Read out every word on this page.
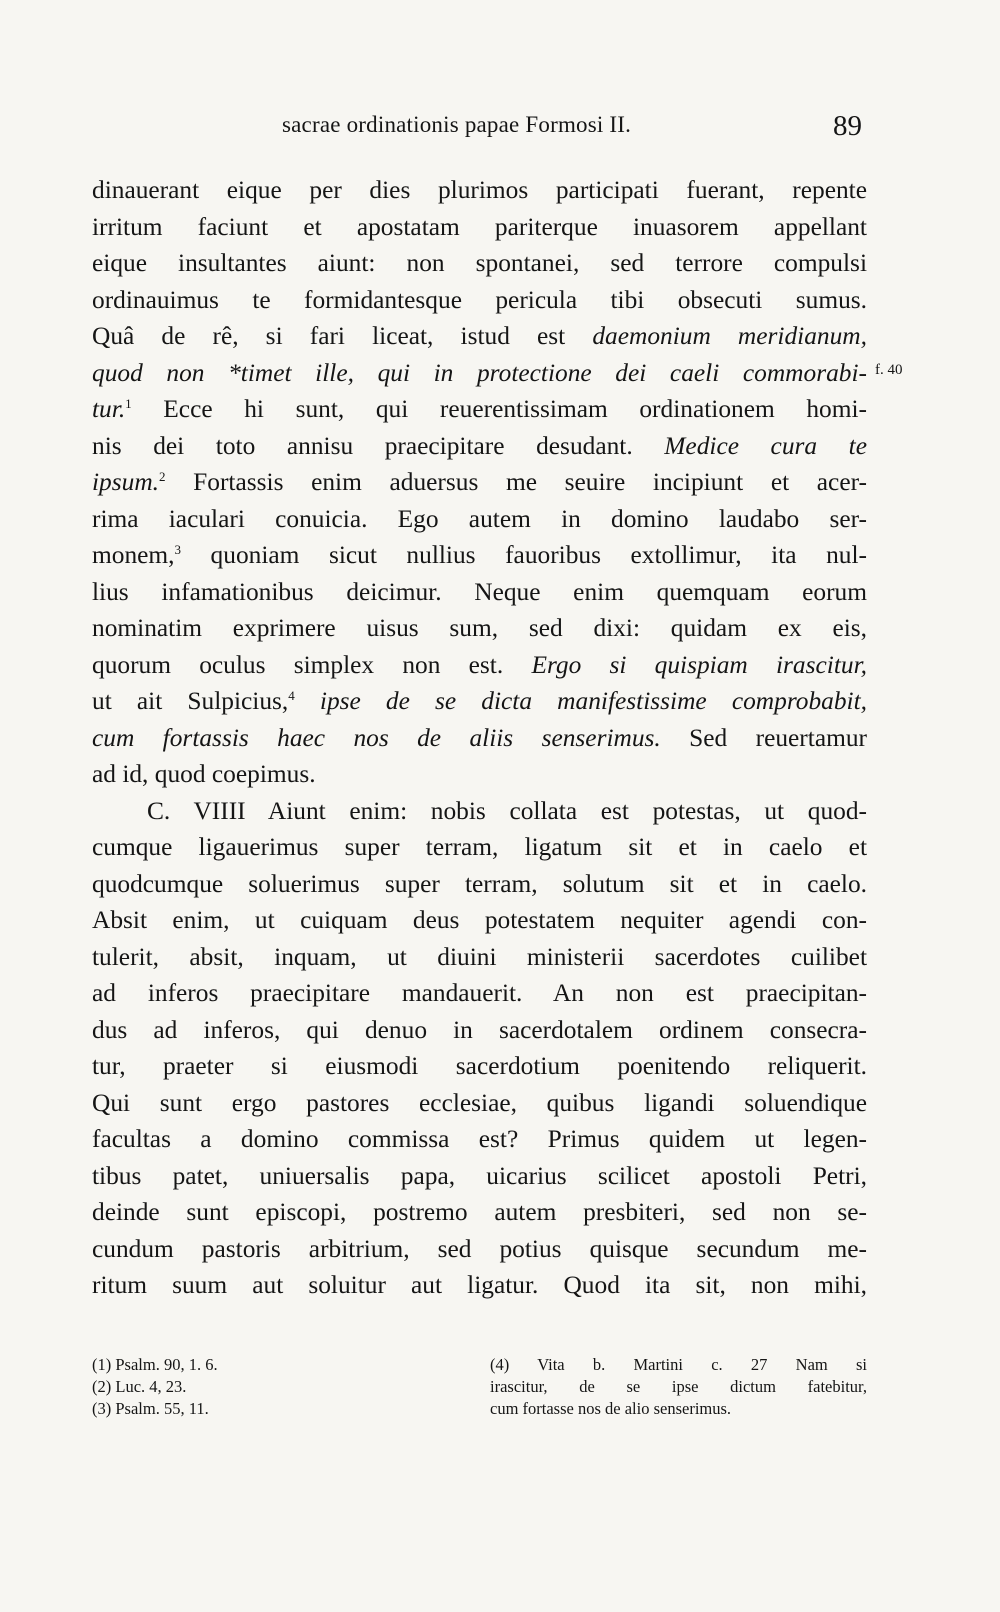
sacrae ordinationis papae Formosi II.	89
f. 40
dinauerant eique per dies plurimos participati fuerant, repente
irritum faciunt et apostatam pariterque inuasorem appellant
eique insultantes aiunt: non spontanei, sed terrore compulsi
ordinauimus te formidantesque pericula tibi obsecuti sumus.
Quâ de rê, si fari liceat, istud est daemonium meridianum,
quod non *timet ille, qui in protectione dei caeli commorabi-
tur.$^1$ Ecce hi sunt, qui reuerentissimam ordinationem homi-
nis dei toto annisu praecipitare desudant. Medice cura te
ipsum.$^2$ Fortassis enim aduersus me seuire incipiunt et acer-
rima iaculari conuicia. Ego autem in domino laudabo ser-
monem,$^3$ quoniam sicut nullius fauoribus extollimur, ita nul-
lius infamationibus deicimur. Neque enim quemquam eorum
nominatim exprimere uisus sum, sed dixi: quidam ex eis,
quorum oculus simplex non est. Ergo si quispiam irascitur,
ut ait Sulpicius,$^4$ ipse de se dicta manifestissime comprobabit,
cum fortassis haec nos de aliis senserimus. Sed reuertamur
ad id, quod coepimus.
C. VIIII Aiunt enim: nobis collata est potestas, ut quod-
cumque ligauerimus super terram, ligatum sit et in caelo et
quodcumque soluerimus super terram, solutum sit et in caelo.
Absit enim, ut cuiquam deus potestatem nequiter agendi con-
tulerit, absit, inquam, ut diuini ministerii sacerdotes cuilibet
ad inferos praecipitare mandauerit. An non est praecipitan-
dus ad inferos, qui denuo in sacerdotalem ordinem consecra-
tur, praeter si eiusmodi sacerdotium poenitendo reliquerit.
Qui sunt ergo pastores ecclesiae, quibus ligandi soluendique
facultas a domino commissa est? Primus quidem ut legen-
tibus patet, uniuersalis papa, uicarius scilicet apostoli Petri,
deinde sunt episcopi, postremo autem presbiteri, sed non se-
cundum pastoris arbitrium, sed potius quisque secundum me-
ritum suum aut soluitur aut ligatur. Quod ita sit, non mihi,
(1) Psalm. 90, 1. 6.
(2) Luc. 4, 23.
(3) Psalm. 55, 11.
(4) Vita b. Martini c. 27 Nam si
irascitur, de se ipse dictum fatebitur,
cum fortasse nos de alio senserimus.
